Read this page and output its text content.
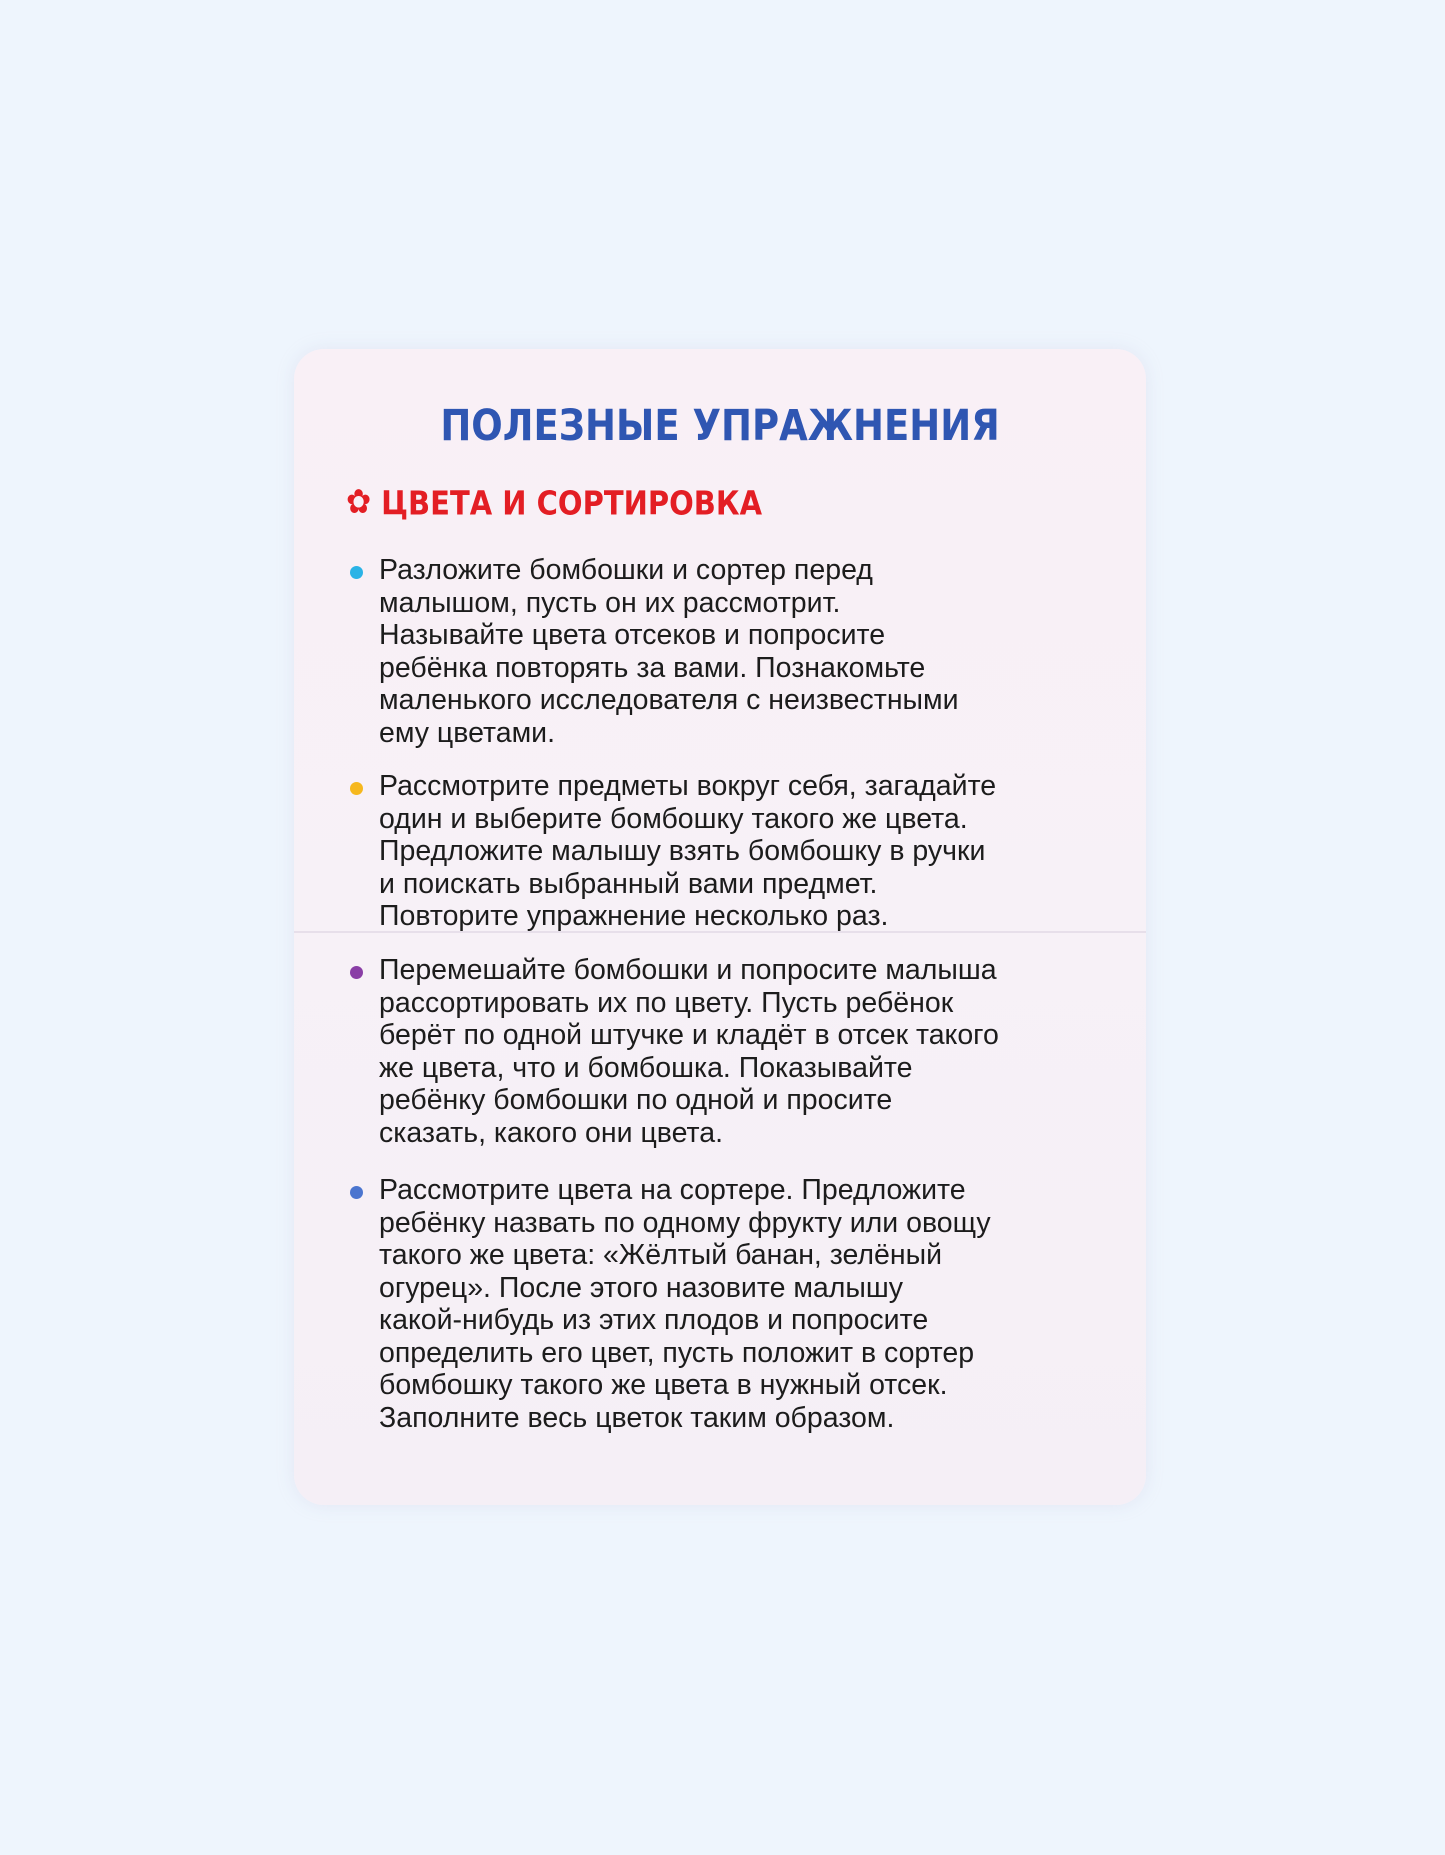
ПОЛЕЗНЫЕ УПРАЖНЕНИЯ
✿ ЦВЕТА И СОРТИРОВКА
Разложите бомбошки и сортер перед
малышом, пусть он их рассмотрит.
Называйте цвета отсеков и попросите
ребёнка повторять за вами. Познакомьте
маленького исследователя с неизвестными
ему цветами.
Рассмотрите предметы вокруг себя, загадайте
один и выберите бомбошку такого же цвета.
Предложите малышу взять бомбошку в ручки
и поискать выбранный вами предмет.
Повторите упражнение несколько раз.
Перемешайте бомбошки и попросите малыша
рассортировать их по цвету. Пусть ребёнок
берёт по одной штучке и кладёт в отсек такого
же цвета, что и бомбошка. Показывайте
ребёнку бомбошки по одной и просите
сказать, какого они цвета.
Рассмотрите цвета на сортере. Предложите
ребёнку назвать по одному фрукту или овощу
такого же цвета: «Жёлтый банан, зелёный
огурец». После этого назовите малышу
какой-нибудь из этих плодов и попросите
определить его цвет, пусть положит в сортер
бомбошку такого же цвета в нужный отсек.
Заполните весь цветок таким образом.
